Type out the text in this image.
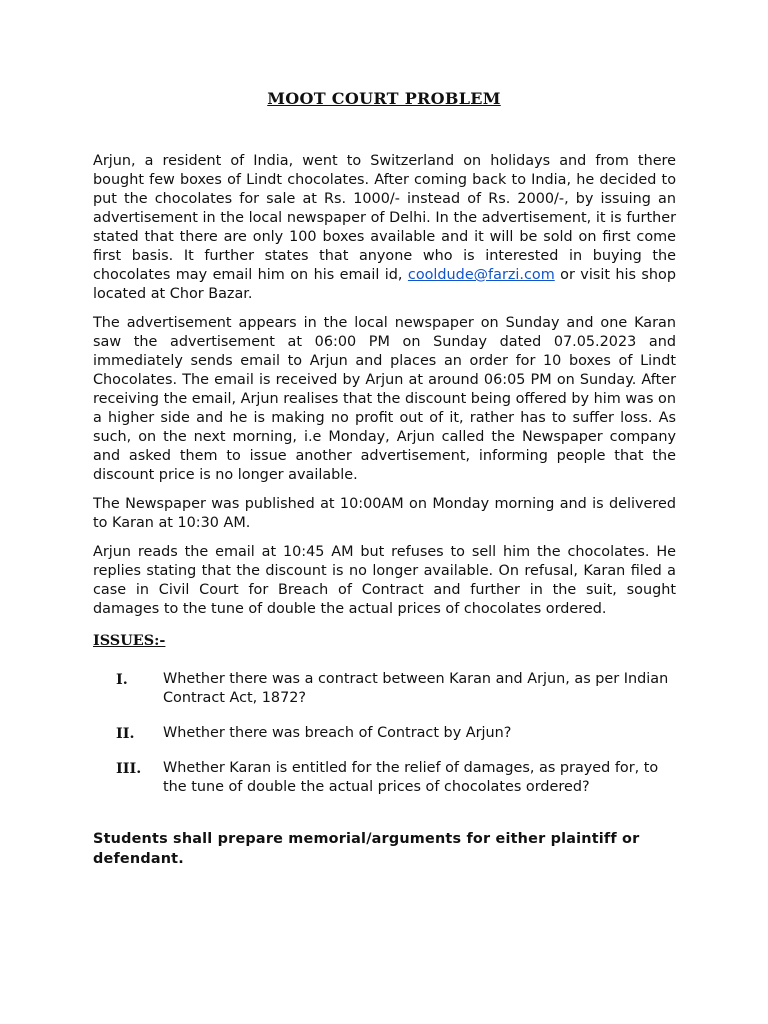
MOOT COURT PROBLEM

Arjun, a resident of India, went to Switzerland on holidays and from there bought few boxes of Lindt chocolates. After coming back to India, he decided to put the chocolates for sale at Rs. 1000/- instead of Rs. 2000/-, by issuing an advertisement in the local newspaper of Delhi. In the advertisement, it is further stated that there are only 100 boxes available and it will be sold on first come first basis. It further states that anyone who is interested in buying the chocolates may email him on his email id, cooldude@farzi.com or visit his shop located at Chor Bazar.

The advertisement appears in the local newspaper on Sunday and one Karan saw the advertisement at 06:00 PM on Sunday dated 07.05.2023 and immediately sends email to Arjun and places an order for 10 boxes of Lindt Chocolates. The email is received by Arjun at around 06:05 PM on Sunday. After receiving the email, Arjun realises that the discount being offered by him was on a higher side and he is making no profit out of it, rather has to suffer loss. As such, on the next morning, i.e Monday, Arjun called the Newspaper company and asked them to issue another advertisement, informing people that the discount price is no longer available.

The Newspaper was published at 10:00AM on Monday morning and is delivered to Karan at 10:30 AM.

Arjun reads the email at 10:45 AM but refuses to sell him the chocolates. He replies stating that the discount is no longer available. On refusal, Karan filed a case in Civil Court for Breach of Contract and further in the suit, sought damages to the tune of double the actual prices of chocolates ordered.

ISSUES:-
I.	Whether there was a contract between Karan and Arjun, as per Indian Contract Act, 1872?
II.	Whether there was breach of Contract by Arjun?
III.	Whether Karan is entitled for the relief of damages, as prayed for, to the tune of double the actual prices of chocolates ordered?
Students shall prepare memorial/arguments for either plaintiff or defendant.
